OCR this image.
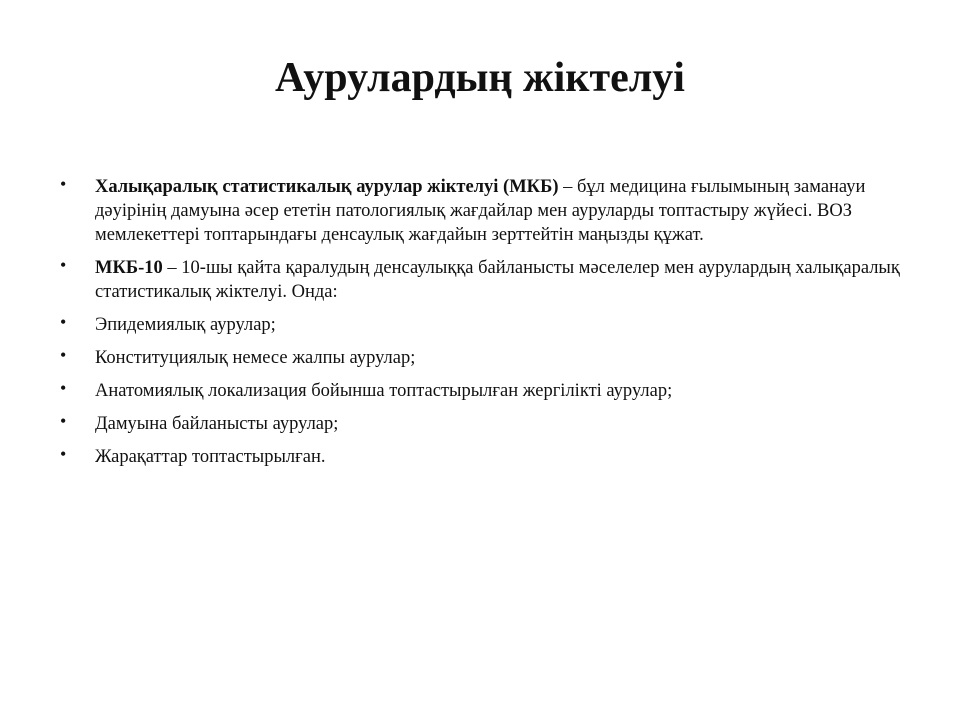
Аурулардың жіктелуі
• Халықаралық статистикалық аурулар жіктелуі (МКБ) – бұл медицина ғылымының заманауи дәуірінің дамуына әсер ететін патологиялық жағдайлар мен ауруларды топтастыру жүйесі. ВОЗ мемлекеттері топтарындағы денсаулық жағдайын зерттейтін маңызды құжат.
• МКБ-10 – 10-шы қайта қаралудың денсаулыққа байланысты мәселелер мен аурулардың халықаралық статистикалық жіктелуі. Онда:
• Эпидемиялық аурулар;
• Конституциялық немесе жалпы аурулар;
• Анатомиялық локализация бойынша топтастырылған жергілікті аурулар;
• Дамуына байланысты аурулар;
• Жарақаттар топтастырылған.
